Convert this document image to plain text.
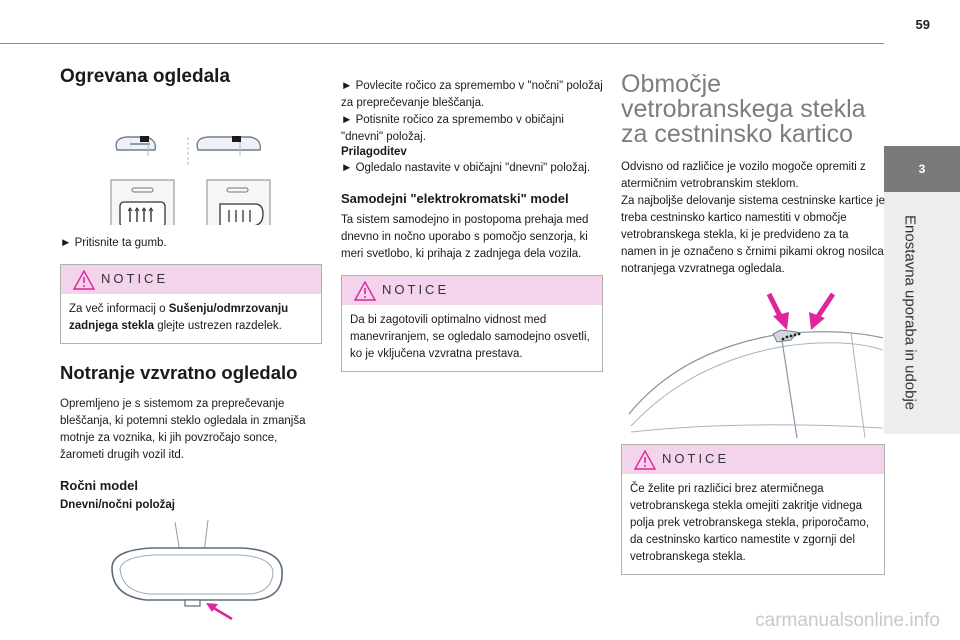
59
3
Enostavna uporaba in udobje
Ogrevana ogledala
► Pritisnite ta gumb.
NOTICE
Za več informacij o Sušenju/odmrzovanju zadnjega stekla glejte ustrezen razdelek.
Notranje vzvratno ogledalo

Opremljeno je s sistemom za preprečevanje bleščanja, ki potemni steklo ogledala in zmanjša motnje za voznika, ki jih povzročajo sonce, žarometi drugih vozil itd.

Ročni model
Dnevni/nočni položaj
► Povlecite ročico za spremembo v "nočni" položaj za preprečevanje bleščanja.
► Potisnite ročico za spremembo v običajni "dnevni" položaj.
Prilagoditev
► Ogledalo nastavite v običajni "dnevni" položaj.
Samodejni "elektrokromatski" model

Ta sistem samodejno in postopoma prehaja med dnevno in nočno uporabo s pomočjo senzorja, ki meri svetlobo, ki prihaja z zadnjega dela vozila.

NOTICE
Da bi zagotovili optimalno vidnost med manevriranjem, se ogledalo samodejno osvetli, ko je vključena vzvratna prestava.
Območje vetrobranskega stekla za cestninsko kartico

Odvisno od različice je vozilo mogoče opremiti z atermičnim vetrobranskim steklom.
Za najboljše delovanje sistema cestninske kartice je treba cestninsko kartico namestiti v območje vetrobranskega stekla, ki je predvideno za ta namen in je označeno s črnimi pikami okrog nosilca notranjega vzvratnega ogledala.

NOTICE
Če želite pri različici brez atermičnega vetrobranskega stekla omejiti zakritje vidnega polja prek vetrobranskega stekla, priporočamo, da cestninsko kartico namestite v zgornji del vetrobranskega stekla.
carmanualsonline.info
